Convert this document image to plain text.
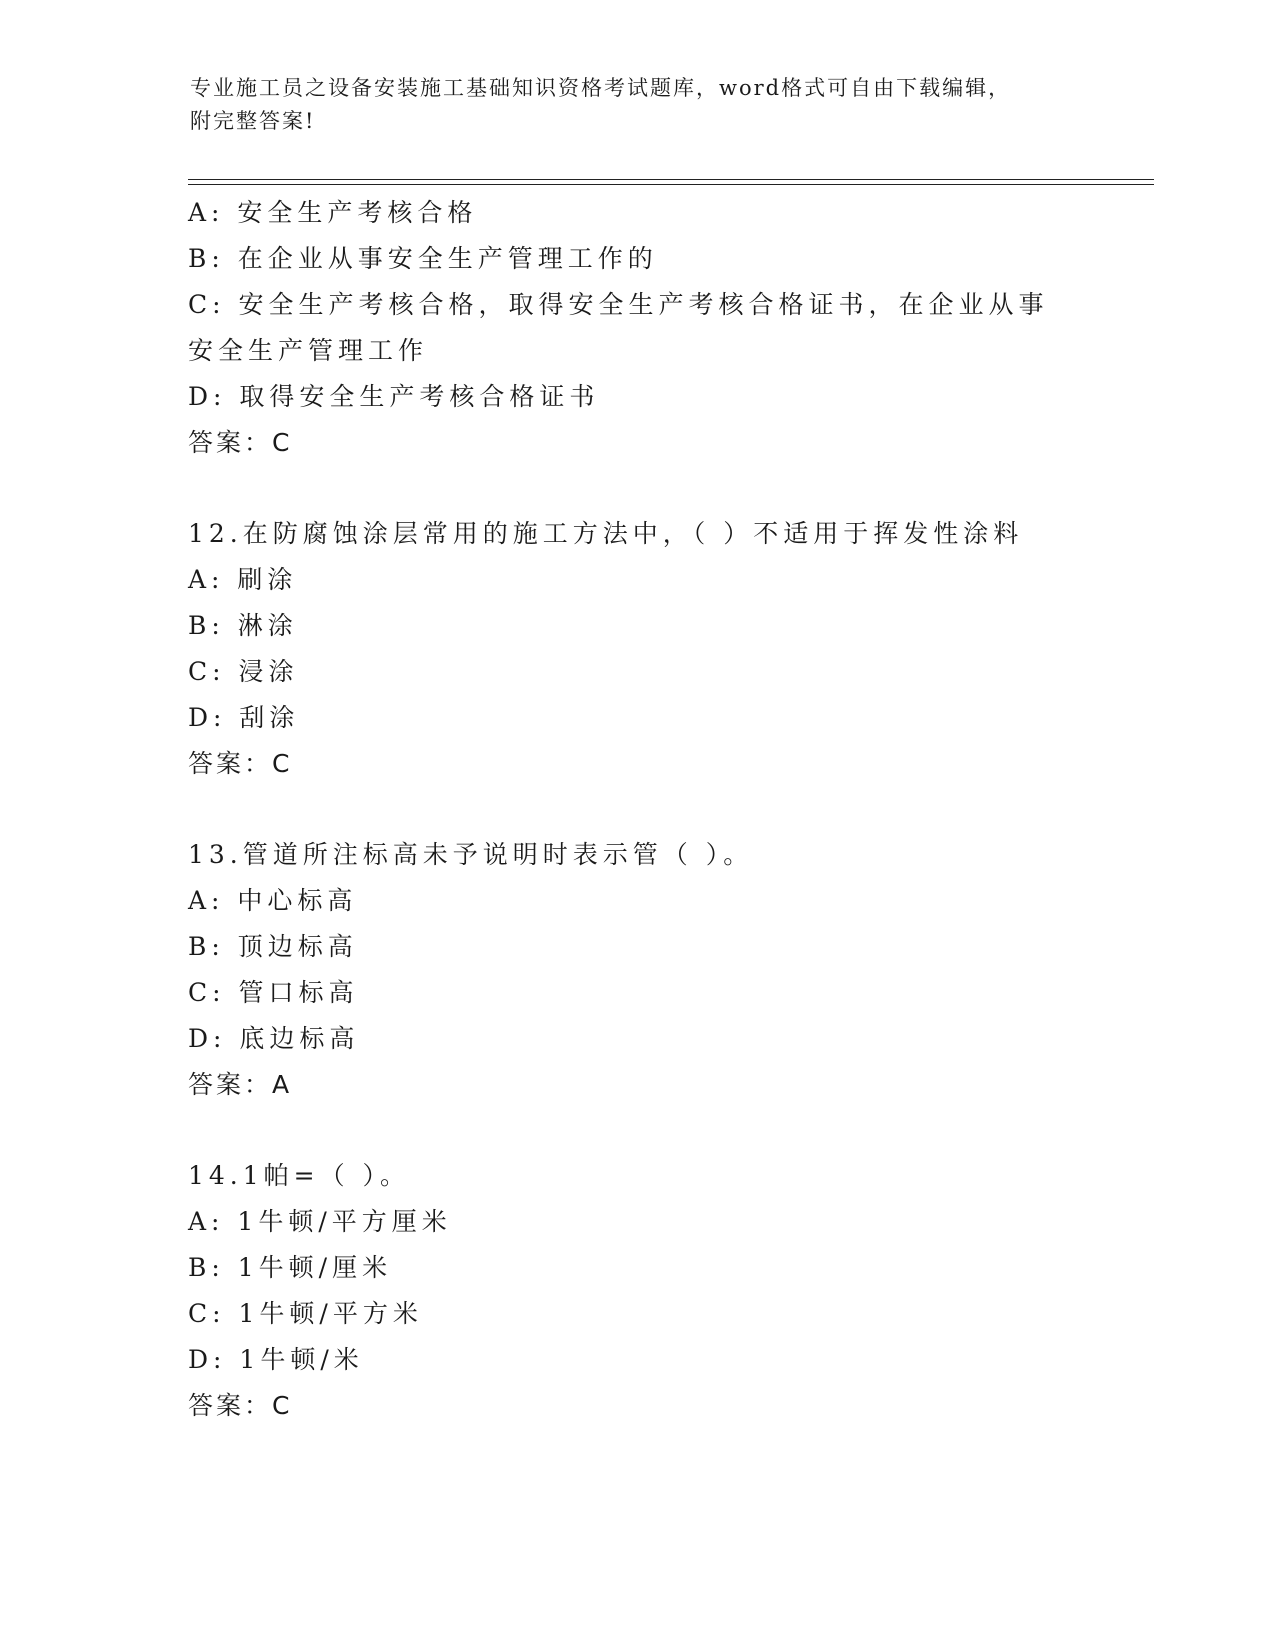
专业施工员之设备安装施工基础知识资格考试题库，word格式可自由下载编辑，
附完整答案!
A: 安全生产考核合格
B: 在企业从事安全生产管理工作的
C: 安全生产考核合格，取得安全生产考核合格证书，在企业从事安全生产管理工作
D: 取得安全生产考核合格证书
答案：C
12.在防腐蚀涂层常用的施工方法中，（ ）不适用于挥发性涂料
A: 刷涂
B: 淋涂
C: 浸涂
D: 刮涂
答案：C
13.管道所注标高未予说明时表示管（ ）。
A: 中心标高
B: 顶边标高
C: 管口标高
D: 底边标高
答案：A
14.1帕=（ ）。
A: 1牛顿/平方厘米
B: 1牛顿/厘米
C: 1牛顿/平方米
D: 1牛顿/米
答案：C
